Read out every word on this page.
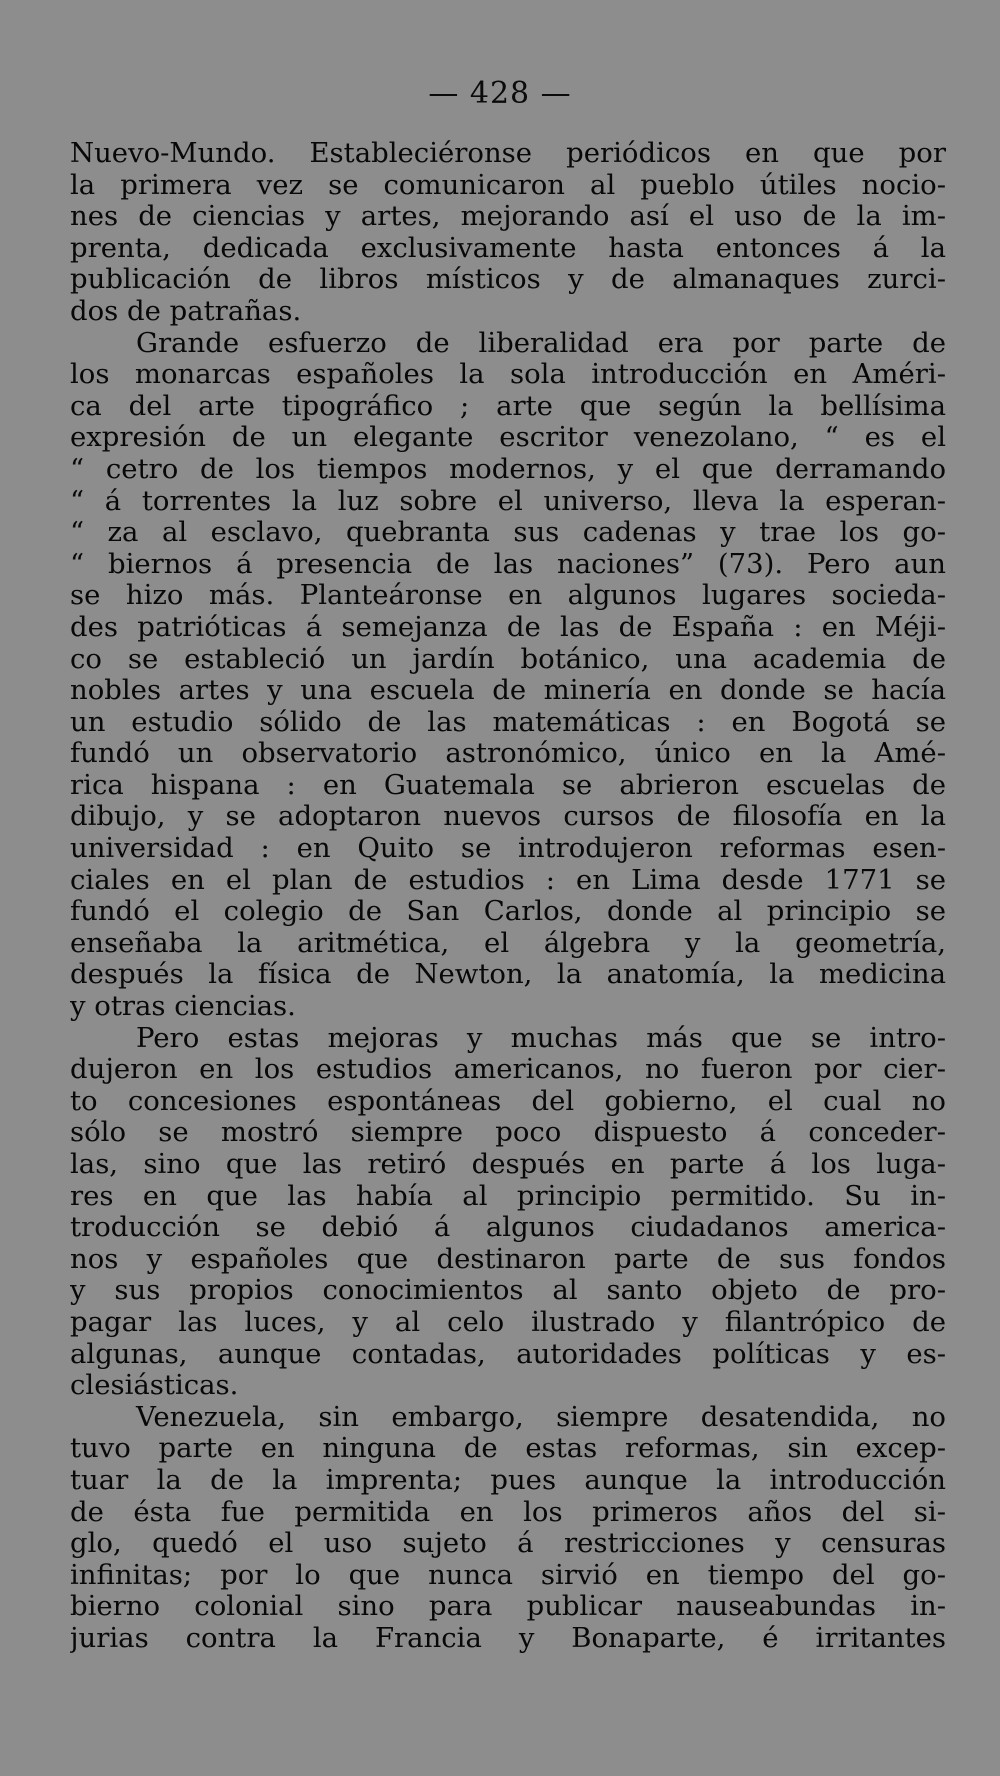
— 428 —
Nuevo-Mundo. Estableciéronse periódicos en que por
la primera vez se comunicaron al pueblo útiles nocio-
nes de ciencias y artes, mejorando así el uso de la im-
prenta, dedicada exclusivamente hasta entonces á la
publicación de libros místicos y de almanaques zurci-
dos de patrañas.
Grande esfuerzo de liberalidad era por parte de
los monarcas españoles la sola introducción en Améri-
ca del arte tipográfico ; arte que según la bellísima
expresión de un elegante escritor venezolano, “ es el
“ cetro de los tiempos modernos, y el que derramando
“ á torrentes la luz sobre el universo, lleva la esperan-
“ za al esclavo, quebranta sus cadenas y trae los go-
“ biernos á presencia de las naciones” (73). Pero aun
se hizo más. Planteáronse en algunos lugares socieda-
des patrióticas á semejanza de las de España : en Méji-
co se estableció un jardín botánico, una academia de
nobles artes y una escuela de minería en donde se hacía
un estudio sólido de las matemáticas : en Bogotá se
fundó un observatorio astronómico, único en la Amé-
rica hispana : en Guatemala se abrieron escuelas de
dibujo, y se adoptaron nuevos cursos de filosofía en la
universidad : en Quito se introdujeron reformas esen-
ciales en el plan de estudios : en Lima desde 1771 se
fundó el colegio de San Carlos, donde al principio se
enseñaba la aritmética, el álgebra y la geometría,
después la física de Newton, la anatomía, la medicina
y otras ciencias.
Pero estas mejoras y muchas más que se intro-
dujeron en los estudios americanos, no fueron por cier-
to concesiones espontáneas del gobierno, el cual no
sólo se mostró siempre poco dispuesto á conceder-
las, sino que las retiró después en parte á los luga-
res en que las había al principio permitido. Su in-
troducción se debió á algunos ciudadanos america-
nos y españoles que destinaron parte de sus fondos
y sus propios conocimientos al santo objeto de pro-
pagar las luces, y al celo ilustrado y filantrópico de
algunas, aunque contadas, autoridades políticas y es-
clesiásticas.
Venezuela, sin embargo, siempre desatendida, no
tuvo parte en ninguna de estas reformas, sin excep-
tuar la de la imprenta; pues aunque la introducción
de ésta fue permitida en los primeros años del si-
glo, quedó el uso sujeto á restricciones y censuras
infinitas; por lo que nunca sirvió en tiempo del go-
bierno colonial sino para publicar nauseabundas in-
jurias contra la Francia y Bonaparte, é irritantes
